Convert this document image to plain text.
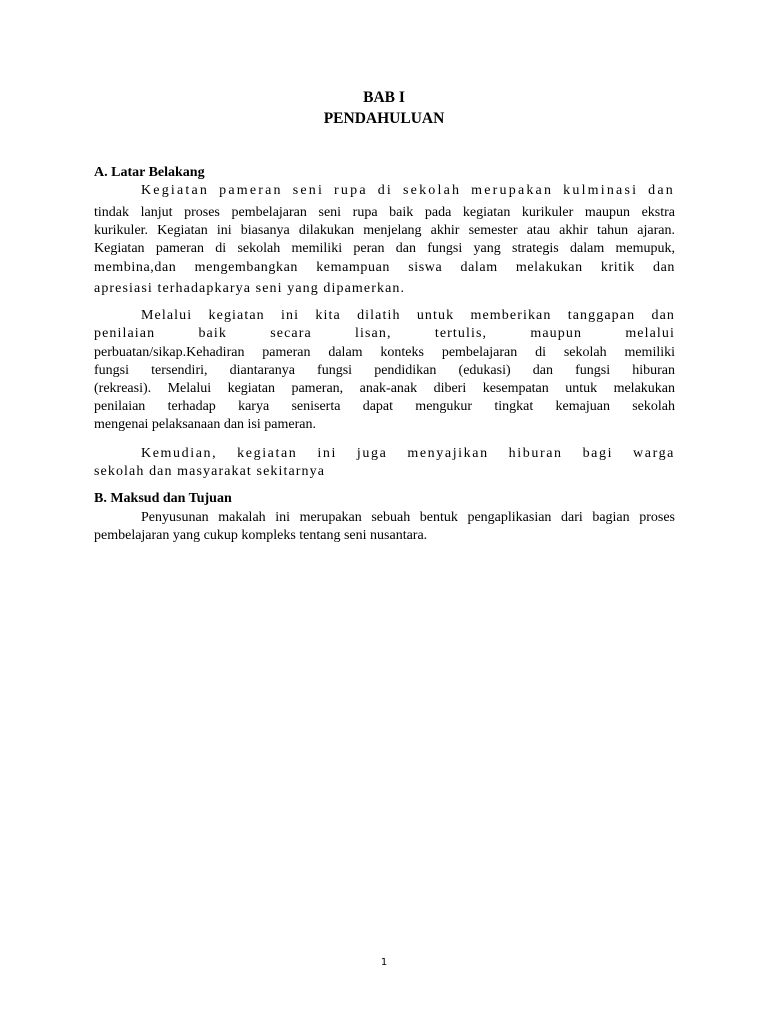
BAB I
PENDAHULUAN
A. Latar Belakang
Kegiatan pameran seni rupa di sekolah merupakan kulminasi dan
tindak lanjut proses pembelajaran seni rupa baik pada kegiatan kurikuler maupun ekstra
kurikuler. Kegiatan ini biasanya dilakukan menjelang akhir semester atau akhir tahun ajaran.
Kegiatan pameran di sekolah memiliki peran dan fungsi yang strategis dalam memupuk,
membina,dan mengembangkan kemampuan siswa dalam melakukan kritik dan
apresiasi terhadapkarya seni yang dipamerkan.
Melalui kegiatan ini kita dilatih untuk memberikan tanggapan dan
penilaian baik secara lisan, tertulis, maupun melalui
perbuatan/sikap.Kehadiran pameran dalam konteks pembelajaran di sekolah memiliki
fungsi tersendiri, diantaranya fungsi pendidikan (edukasi) dan fungsi hiburan
(rekreasi). Melalui kegiatan pameran, anak-anak diberi kesempatan untuk melakukan
penilaian terhadap karya seniserta dapat mengukur tingkat kemajuan sekolah
mengenai pelaksanaan dan isi pameran.
Kemudian, kegiatan ini juga menyajikan hiburan bagi warga
sekolah dan masyarakat sekitarnya
B. Maksud dan Tujuan
Penyusunan makalah ini merupakan sebuah bentuk pengaplikasian dari bagian proses
pembelajaran yang cukup kompleks tentang seni nusantara.
1
